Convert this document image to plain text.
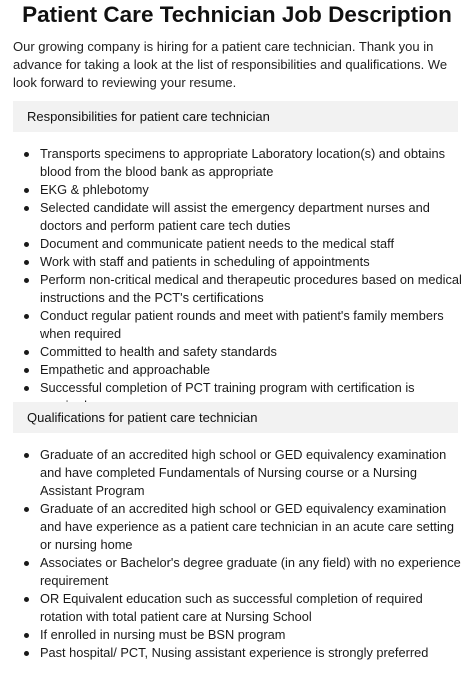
Patient Care Technician Job Description
Our growing company is hiring for a patient care technician. Thank you in advance for taking a look at the list of responsibilities and qualifications. We look forward to reviewing your resume.
Responsibilities for patient care technician
Transports specimens to appropriate Laboratory location(s) and obtains blood from the blood bank as appropriate
EKG & phlebotomy
Selected candidate will assist the emergency department nurses and doctors and perform patient care tech duties
Document and communicate patient needs to the medical staff
Work with staff and patients in scheduling of appointments
Perform non-critical medical and therapeutic procedures based on medical instructions and the PCT's certifications
Conduct regular patient rounds and meet with patient's family members when required
Committed to health and safety standards
Empathetic and approachable
Successful completion of PCT training program with certification is
Qualifications for patient care technician
Graduate of an accredited high school or GED equivalency examination and have completed Fundamentals of Nursing course or a Nursing Assistant Program
Graduate of an accredited high school or GED equivalency examination and have experience as a patient care technician in an acute care setting or nursing home
Associates or Bachelor's degree graduate (in any field) with no experience requirement
OR Equivalent education such as successful completion of required rotation with total patient care at Nursing School
If enrolled in nursing must be BSN program
Past hospital/ PCT, Nusing assistant experience is strongly preferred
